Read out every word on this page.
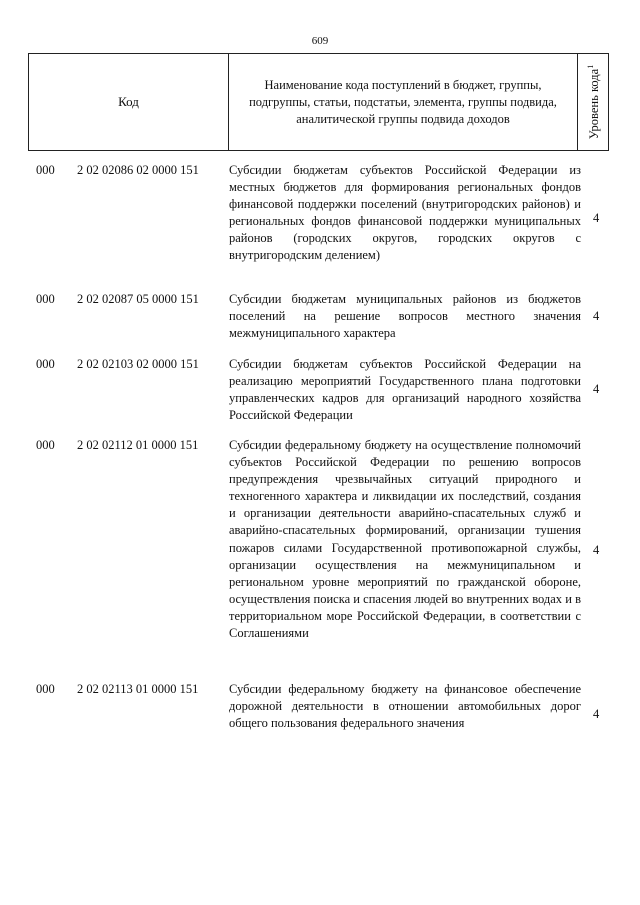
609
Код
Наименование кода поступлений в бюджет, группы, подгруппы, статьи, подстатьи, элемента, группы подвида, аналитической группы подвида доходов	Уровень кода$^1$
000 2 02 02086 02 0000 151 Субсидии бюджетам субъектов Российской Федерации из местных бюджетов для формирования региональных фондов финансовой поддержки поселений (внутригородских районов) и региональных фондов финансовой поддержки муниципальных районов (городских округов, городских округов с внутригородским делением)
4
000 2 02 02087 05 0000 151 Субсидии бюджетам муниципальных районов из бюджетов поселений на решение вопросов местного значения межмуниципального характера
4
000 2 02 02103 02 0000 151 Субсидии бюджетам субъектов Российской Федерации на реализацию мероприятий Государственного плана подготовки управленческих кадров для организаций народного хозяйства Российской Федерации
4
000 2 02 02112 01 0000 151 Субсидии федеральному бюджету на осуществление полномочий субъектов Российской Федерации по решению вопросов предупреждения чрезвычайных ситуаций природного и техногенного характера и ликвидации их последствий, создания и организации деятельности аварийно-спасательных служб и аварийно-спасательных формирований, организации тушения пожаров силами Государственной противопожарной службы, организации осуществления на межмуниципальном и региональном уровне мероприятий по гражданской обороне, осуществления поиска и спасения людей во внутренних водах и в территориальном море Российской Федерации, в соответствии с Соглашениями
4
000 2 02 02113 01 0000 151 Субсидии федеральному бюджету на финансовое обеспечение дорожной деятельности в отношении автомобильных дорог общего пользования федерального значения
4
